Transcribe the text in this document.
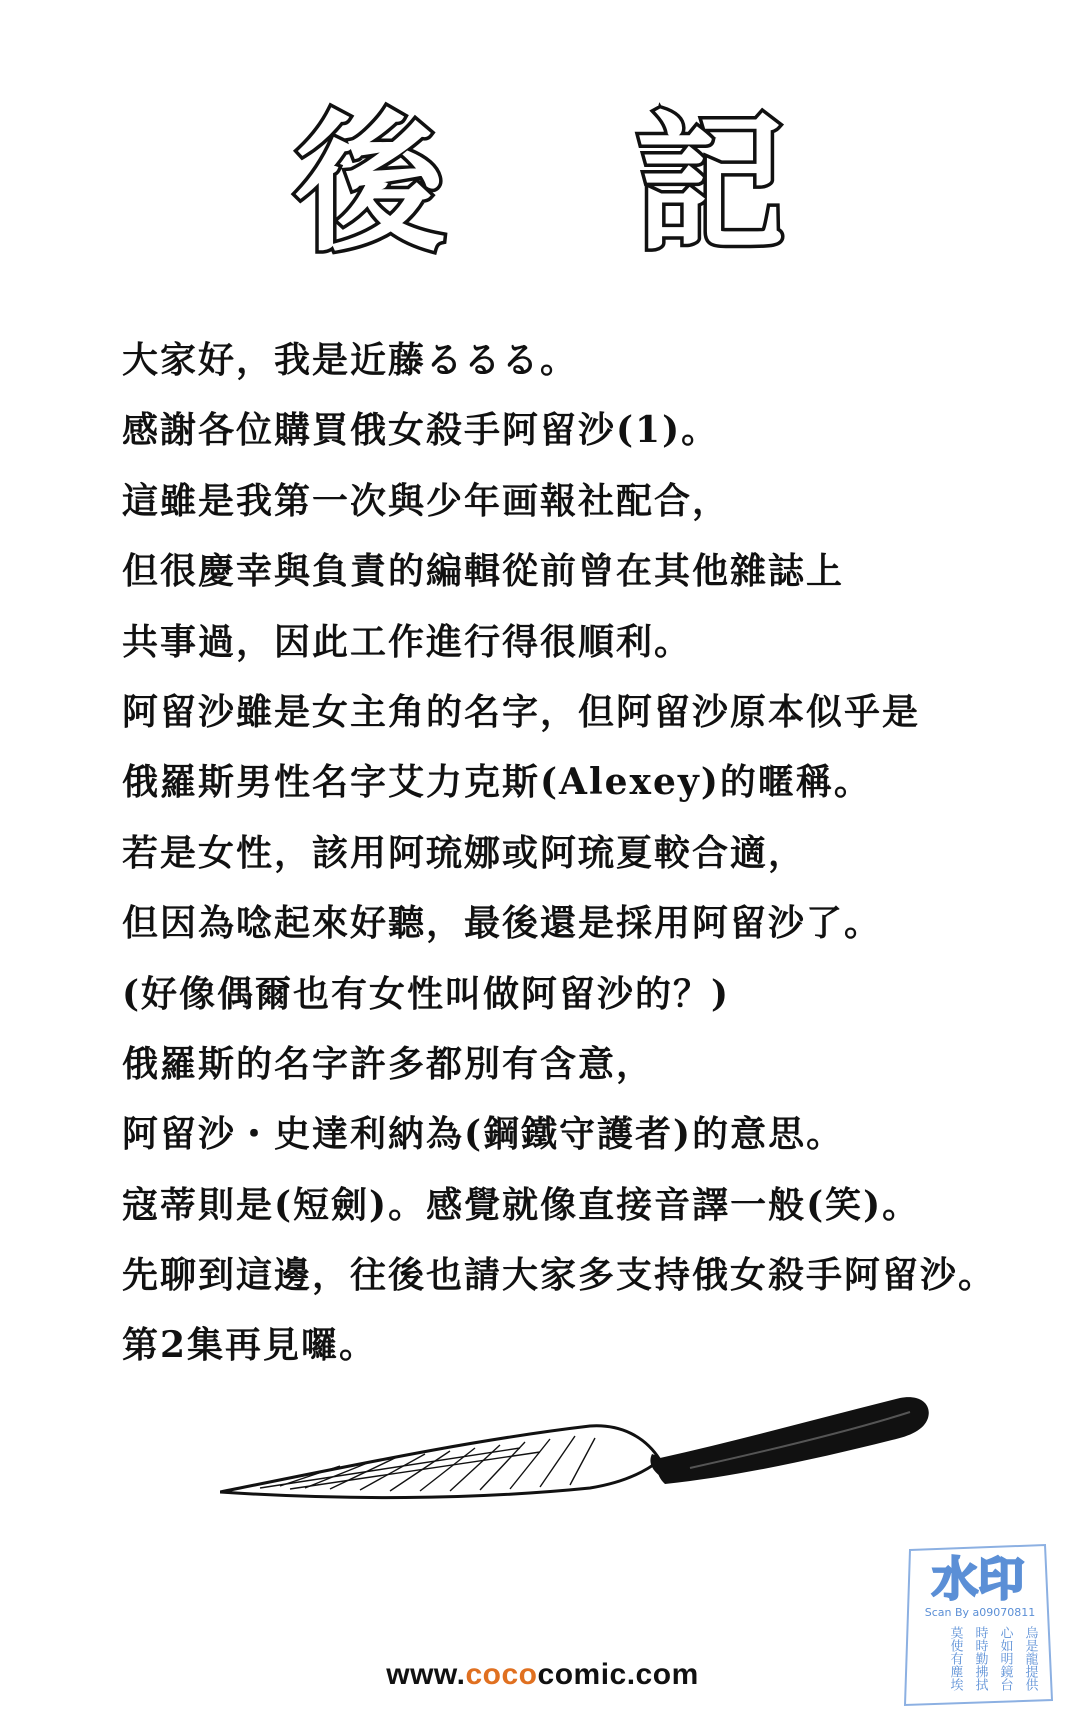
後 記
大家好，我是近藤るるる。
感謝各位購買俄女殺手阿留沙(1)。
這雖是我第一次與少年画報社配合，
但很慶幸與負責的編輯從前曾在其他雜誌上
共事過，因此工作進行得很順利。
阿留沙雖是女主角的名字，但阿留沙原本似乎是
俄羅斯男性名字艾力克斯(Alexey)的暱稱。
若是女性，該用阿琉娜或阿琉夏較合適，
但因為唸起來好聽，最後還是採用阿留沙了。
(好像偶爾也有女性叫做阿留沙的？)
俄羅斯的名字許多都別有含意，
阿留沙・史達利納為(鋼鐵守護者)的意思。
寇蒂則是(短劍)。感覺就像直接音譯一般(笑)。
先聊到這邊，往後也請大家多支持俄女殺手阿留沙。
第2集再見囉。
水印
Scan By a09070811
烏是龍提供
心如明鏡台
時時勤拂拭
莫使有塵埃
www.cococomic.com
